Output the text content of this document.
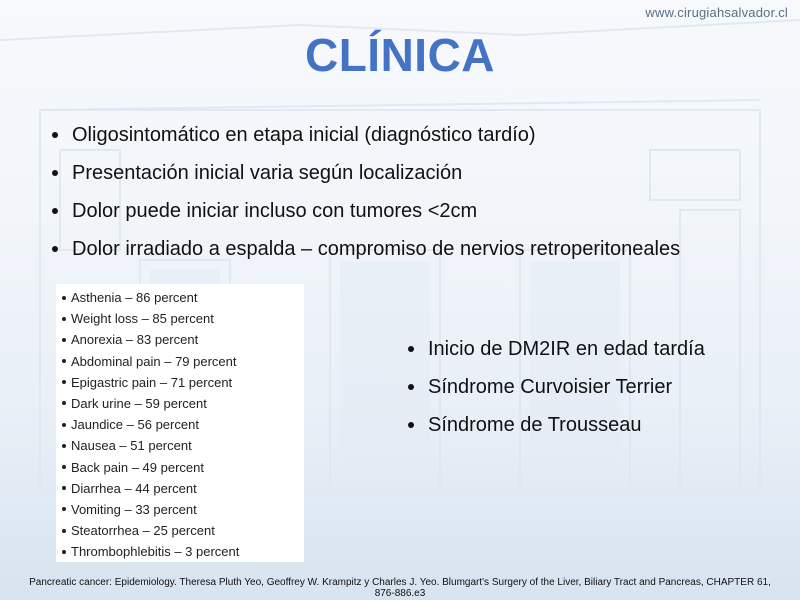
www.cirugiahsalvador.cl
CLÍNICA
Oligosintomático en etapa inicial (diagnóstico tardío)
Presentación inicial varia según localización
Dolor puede iniciar incluso con tumores <2cm
Dolor irradiado a espalda – compromiso de nervios retroperitoneales
Asthenia – 86 percent
Weight loss – 85 percent
Anorexia – 83 percent
Abdominal pain – 79 percent
Epigastric pain – 71 percent
Dark urine – 59 percent
Jaundice – 56 percent
Nausea – 51 percent
Back pain – 49 percent
Diarrhea – 44 percent
Vomiting – 33 percent
Steatorrhea – 25 percent
Thrombophlebitis – 3 percent
Inicio de DM2IR en edad tardía
Síndrome Curvoisier Terrier
Síndrome de Trousseau
Pancreatic cancer: Epidemiology. Theresa Pluth Yeo, Geoffrey W. Krampitz y Charles J. Yeo. Blumgart's Surgery of the Liver, Biliary Tract and Pancreas, CHAPTER 61, 876-886.e3
